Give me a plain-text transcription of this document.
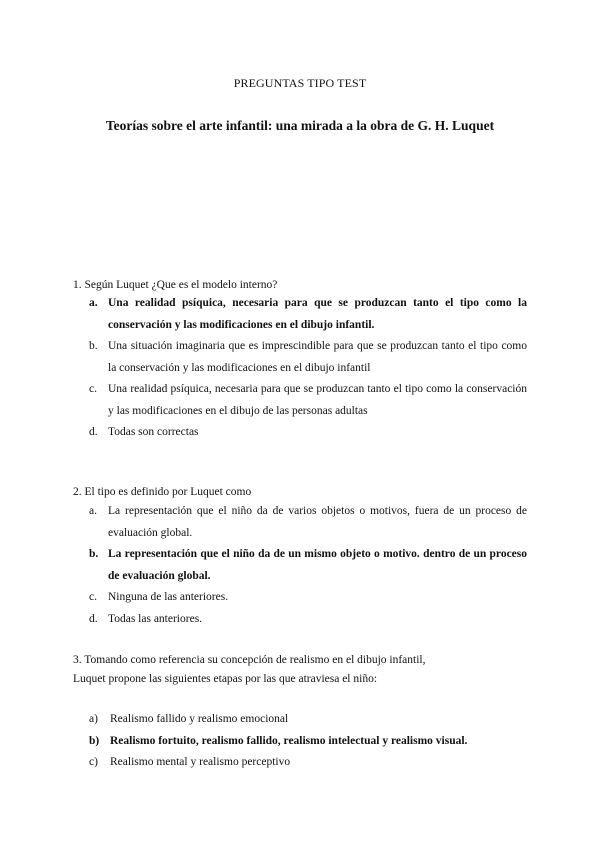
PREGUNTAS TIPO TEST
Teorías sobre el arte infantil: una mirada a la obra de G. H. Luquet
1. Según Luquet ¿Que es el modelo interno?
a. Una realidad psíquica, necesaria para que se produzcan tanto el tipo como la conservación y las modificaciones en el dibujo infantil.
b. Una situación imaginaria que es imprescindible para que se produzcan tanto el tipo como la conservación y las modificaciones en el dibujo infantil
c. Una realidad psíquica, necesaria para que se produzcan tanto el tipo como la conservación y las modificaciones en el dibujo de las personas adultas
d. Todas son correctas
2. El tipo es definido por Luquet como
a. La representación que el niño da de varios objetos o motivos, fuera de un proceso de evaluación global.
b. La representación que el niño da de un mismo objeto o motivo. dentro de un proceso de evaluación global.
c. Ninguna de las anteriores.
d. Todas las anteriores.
3. Tomando como referencia su concepción de realismo en el dibujo infantil,
Luquet propone las siguientes etapas por las que atraviesa el niño:
a) Realismo fallido y realismo emocional
b) Realismo fortuito, realismo fallido, realismo intelectual y realismo visual.
c) Realismo mental y realismo perceptivo
